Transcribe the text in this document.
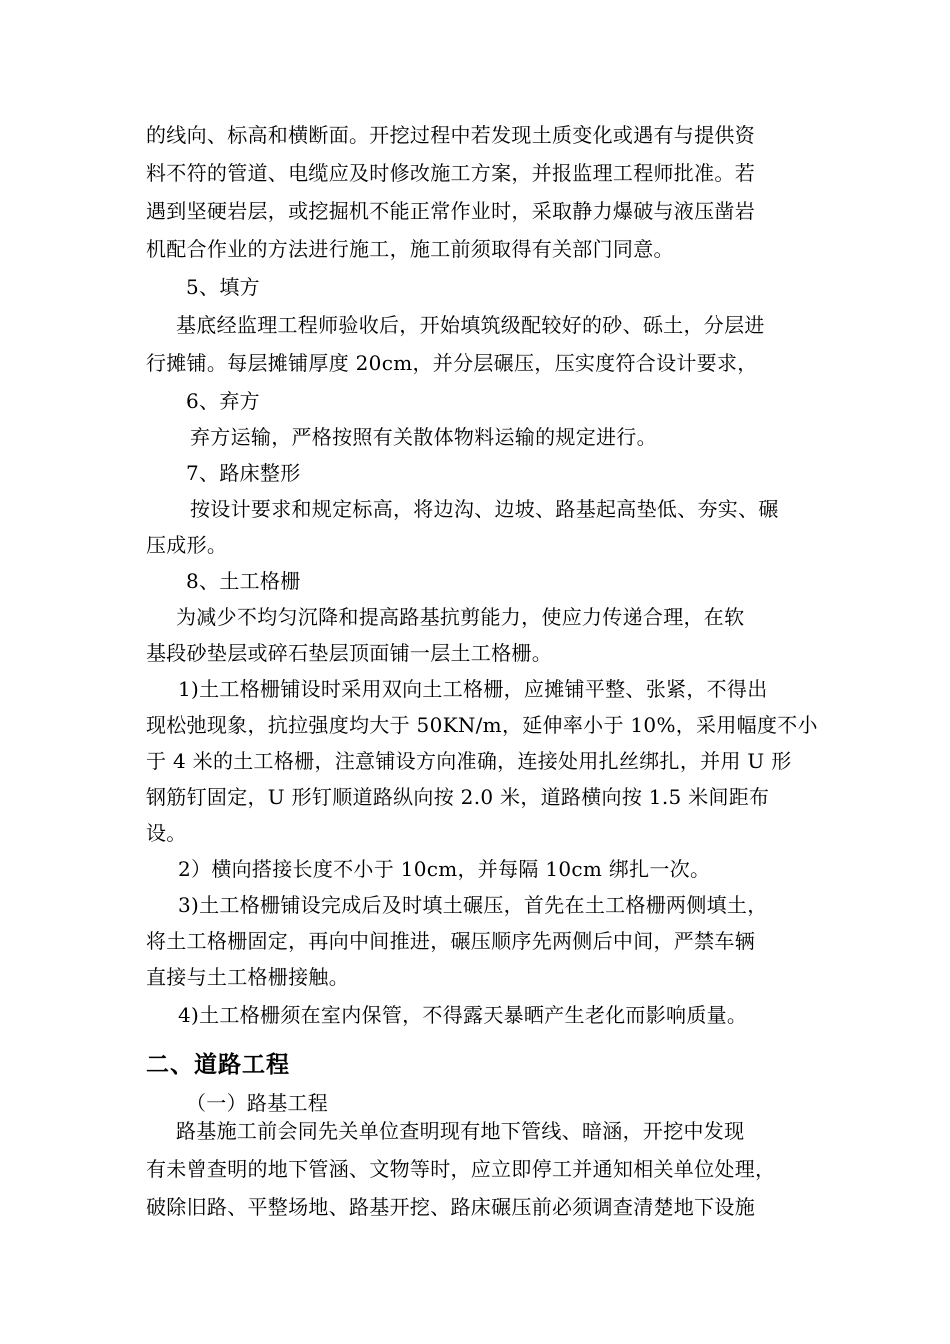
的线向、标高和横断面。开挖过程中若发现土质变化或遇有与提供资
料不符的管道、电缆应及时修改施工方案，并报监理工程师批准。若
遇到坚硬岩层，或挖掘机不能正常作业时，采取静力爆破与液压凿岩
机配合作业的方法进行施工，施工前须取得有关部门同意。
5、填方
基底经监理工程师验收后，开始填筑级配较好的砂、砾土，分层进
行摊铺。每层摊铺厚度 20cm，并分层碾压，压实度符合设计要求，
6、弃方
弃方运输，严格按照有关散体物料运输的规定进行。
7、路床整形
按设计要求和规定标高，将边沟、边坡、路基起高垫低、夯实、碾
压成形。
8、土工格栅
为减少不均匀沉降和提高路基抗剪能力，使应力传递合理，在软
基段砂垫层或碎石垫层顶面铺一层土工格栅。
1)土工格栅铺设时采用双向土工格栅，应摊铺平整、张紧，不得出
现松弛现象，抗拉强度均大于 50KN/m，延伸率小于 10%，采用幅度不小
于 4 米的土工格栅，注意铺设方向准确，连接处用扎丝绑扎，并用 U 形
钢筋钉固定，U 形钉顺道路纵向按 2.0 米，道路横向按 1.5 米间距布
设。
2）横向搭接长度不小于 10cm，并每隔 10cm 绑扎一次。
3)土工格栅铺设完成后及时填土碾压，首先在土工格栅两侧填土，
将土工格栅固定，再向中间推进，碾压顺序先两侧后中间，严禁车辆
直接与土工格栅接触。
4)土工格栅须在室内保管，不得露天暴晒产生老化而影响质量。
二、道路工程
（一）路基工程
路基施工前会同先关单位查明现有地下管线、暗涵，开挖中发现
有未曾查明的地下管涵、文物等时，应立即停工并通知相关单位处理，
破除旧路、平整场地、路基开挖、路床碾压前必须调查清楚地下设施
